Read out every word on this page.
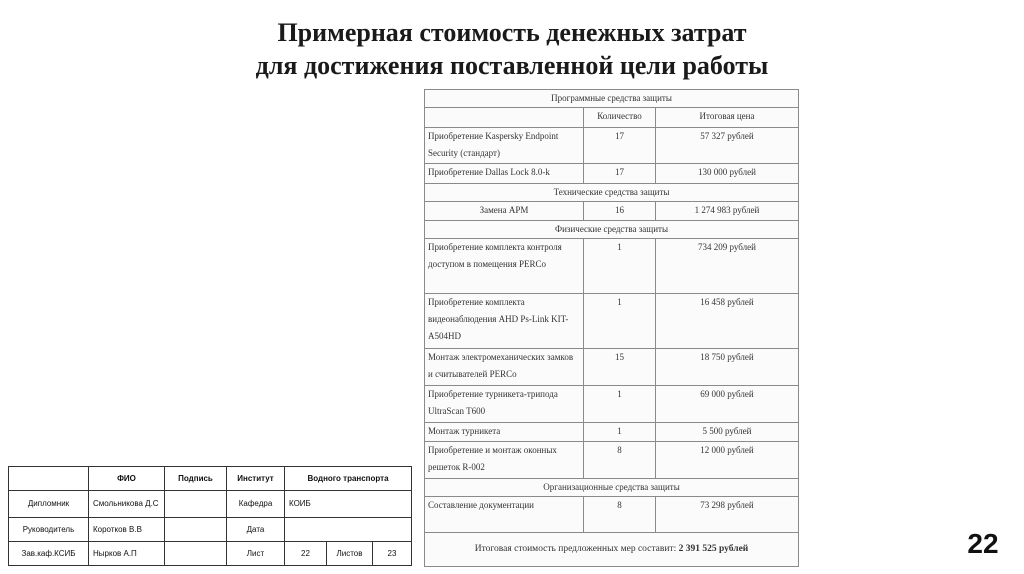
Примерная стоимость денежных затрат
для достижения поставленной цели работы
Программные средства защиты		
	Количество	Итоговая цена
Приобретение Kaspersky Endpoint Security (стандарт)	17	57 327 рублей
Приобретение Dallas Lock 8.0-k	17	130 000 рублей
Технические средства защиты		
Замена АРМ	16	1 274 983 рублей
Физические средства защиты		
Приобретение комплекта контроля доступом в помещения PERCo	1	734 209 рублей
Приобретение комплекта видеонаблюдения AHD Ps-Link KIT-A504HD	1	16 458 рублей
Монтаж электромеханических замков и считывателей PERCo	15	18 750 рублей
Приобретение турникета-трипода UltraScan T600	1	69 000 рублей
Монтаж турникета	1	5 500 рублей
Приобретение и монтаж оконных решеток R-002	8	12 000 рублей
Организационные средства защиты		
Составление документации	8	73 298 рублей
Итоговая стоимость предложенных мер составит: 2 391 525 рублей		
	ФИО	Подпись	Институт	Водного транспорта		
Дипломник	Смольникова Д.С		Кафедра	КОИБ		
Руководитель	Коротков В.В		Дата			
Зав.каф.КСИБ	Нырков А.П		Лист	22	Листов	23	22
